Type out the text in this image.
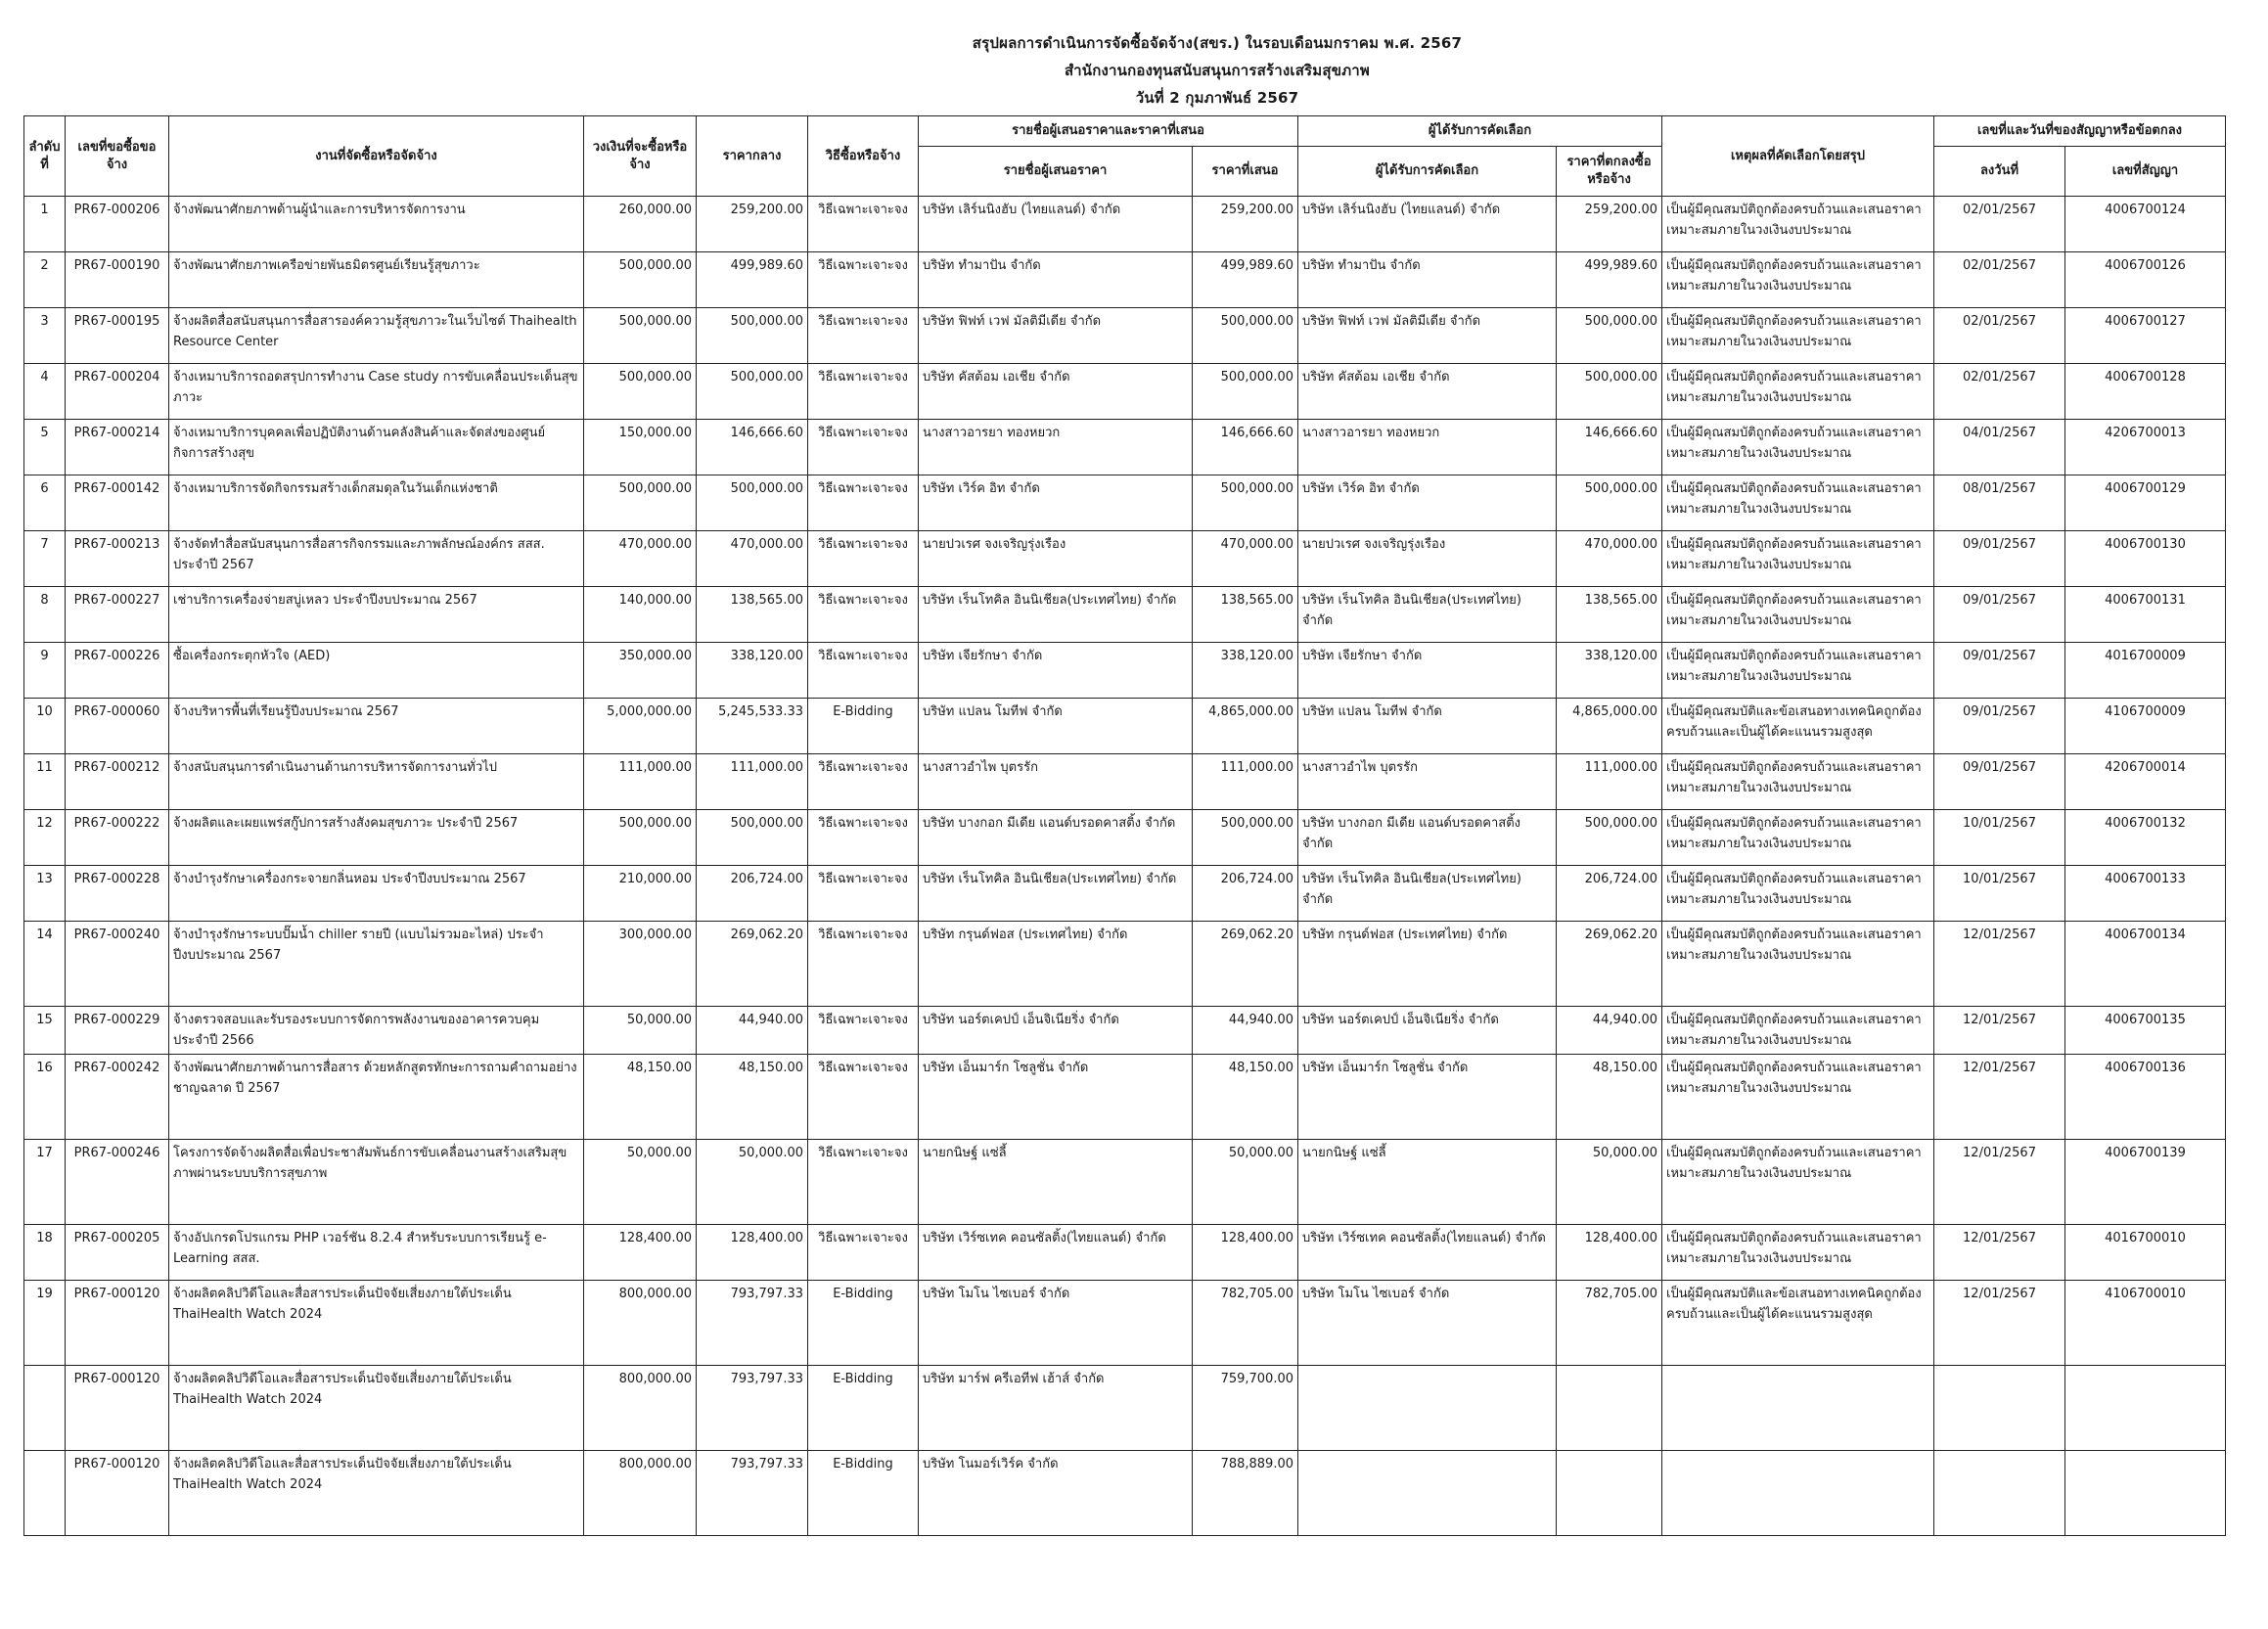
สรุปผลการดำเนินการจัดซื้อจัดจ้าง(สขร.) ในรอบเดือนมกราคม พ.ศ. 2567
สำนักงานกองทุนสนับสนุนการสร้างเสริมสุขภาพ
วันที่ 2 กุมภาพันธ์ 2567
ลำดับที่	เลขที่ขอซื้อขอจ้าง	งานที่จัดซื้อหรือจัดจ้าง	วงเงินที่จะซื้อหรือจ้าง	ราคากลาง	วิธีซื้อหรือจ้าง	รายชื่อผู้เสนอราคาและราคาที่เสนอ		ผู้ได้รับการคัดเลือก		เหตุผลที่คัดเลือกโดยสรุป	เลขที่และวันที่ของสัญญาหรือข้อตกลง	
						รายชื่อผู้เสนอราคา	ราคาที่เสนอ	ผู้ได้รับการคัดเลือก	ราคาที่ตกลงซื้อหรือจ้าง		ลงวันที่	เลขที่สัญญา
1	PR67-000206	จ้างพัฒนาศักยภาพด้านผู้นำและการบริหารจัดการงาน	260,000.00	259,200.00	วิธีเฉพาะเจาะจง	บริษัท เลิร์นนิงฮับ (ไทยแลนด์) จำกัด	259,200.00	บริษัท เลิร์นนิงฮับ (ไทยแลนด์) จำกัด	259,200.00	เป็นผู้มีคุณสมบัติถูกต้องครบถ้วนและเสนอราคาเหมาะสมภายในวงเงินงบประมาณ	02/01/2567	4006700124
2	PR67-000190	จ้างพัฒนาศักยภาพเครือข่ายพันธมิตรศูนย์เรียนรู้สุขภาวะ	500,000.00	499,989.60	วิธีเฉพาะเจาะจง	บริษัท ทำมาปัน จำกัด	499,989.60	บริษัท ทำมาปัน จำกัด	499,989.60	เป็นผู้มีคุณสมบัติถูกต้องครบถ้วนและเสนอราคาเหมาะสมภายในวงเงินงบประมาณ	02/01/2567	4006700126
3	PR67-000195	จ้างผลิตสื่อสนับสนุนการสื่อสารองค์ความรู้สุขภาวะในเว็บไซต์ Thaihealth Resource Center	500,000.00	500,000.00	วิธีเฉพาะเจาะจง	บริษัท ฟิฟท์ เวฟ มัลติมีเดีย จำกัด	500,000.00	บริษัท ฟิฟท์ เวฟ มัลติมีเดีย จำกัด	500,000.00	เป็นผู้มีคุณสมบัติถูกต้องครบถ้วนและเสนอราคาเหมาะสมภายในวงเงินงบประมาณ	02/01/2567	4006700127
4	PR67-000204	จ้างเหมาบริการถอดสรุปการทำงาน Case study การขับเคลื่อนประเด็นสุขภาวะ	500,000.00	500,000.00	วิธีเฉพาะเจาะจง	บริษัท คัสต้อม เอเชีย จำกัด	500,000.00	บริษัท คัสต้อม เอเชีย จำกัด	500,000.00	เป็นผู้มีคุณสมบัติถูกต้องครบถ้วนและเสนอราคาเหมาะสมภายในวงเงินงบประมาณ	02/01/2567	4006700128
5	PR67-000214	จ้างเหมาบริการบุคคลเพื่อปฏิบัติงานด้านคลังสินค้าและจัดส่งของศูนย์กิจการสร้างสุข	150,000.00	146,666.60	วิธีเฉพาะเจาะจง	นางสาวอารยา ทองหยวก	146,666.60	นางสาวอารยา ทองหยวก	146,666.60	เป็นผู้มีคุณสมบัติถูกต้องครบถ้วนและเสนอราคาเหมาะสมภายในวงเงินงบประมาณ	04/01/2567	4206700013
6	PR67-000142	จ้างเหมาบริการจัดกิจกรรมสร้างเด็กสมดุลในวันเด็กแห่งชาติ	500,000.00	500,000.00	วิธีเฉพาะเจาะจง	บริษัท เวิร์ค อิท จำกัด	500,000.00	บริษัท เวิร์ค อิท จำกัด	500,000.00	เป็นผู้มีคุณสมบัติถูกต้องครบถ้วนและเสนอราคาเหมาะสมภายในวงเงินงบประมาณ	08/01/2567	4006700129
7	PR67-000213	จ้างจัดทำสื่อสนับสนุนการสื่อสารกิจกรรมและภาพลักษณ์องค์กร สสส. ประจำปี 2567	470,000.00	470,000.00	วิธีเฉพาะเจาะจง	นายปวเรศ จงเจริญรุ่งเรือง	470,000.00	นายปวเรศ จงเจริญรุ่งเรือง	470,000.00	เป็นผู้มีคุณสมบัติถูกต้องครบถ้วนและเสนอราคาเหมาะสมภายในวงเงินงบประมาณ	09/01/2567	4006700130
8	PR67-000227	เช่าบริการเครื่องจ่ายสบู่เหลว ประจำปีงบประมาณ 2567	140,000.00	138,565.00	วิธีเฉพาะเจาะจง	บริษัท เร็นโทคิล อินนิเชียล(ประเทศไทย) จำกัด	138,565.00	บริษัท เร็นโทคิล อินนิเชียล(ประเทศไทย) จำกัด	138,565.00	เป็นผู้มีคุณสมบัติถูกต้องครบถ้วนและเสนอราคาเหมาะสมภายในวงเงินงบประมาณ	09/01/2567	4006700131
9	PR67-000226	ซื้อเครื่องกระตุกหัวใจ (AED)	350,000.00	338,120.00	วิธีเฉพาะเจาะจง	บริษัท เจียรักษา จำกัด	338,120.00	บริษัท เจียรักษา จำกัด	338,120.00	เป็นผู้มีคุณสมบัติถูกต้องครบถ้วนและเสนอราคาเหมาะสมภายในวงเงินงบประมาณ	09/01/2567	4016700009
10	PR67-000060	จ้างบริหารพื้นที่เรียนรู้ปีงบประมาณ 2567	5,000,000.00	5,245,533.33	E-Bidding	บริษัท แปลน โมทีฟ จำกัด	4,865,000.00	บริษัท แปลน โมทีฟ จำกัด	4,865,000.00	เป็นผู้มีคุณสมบัติและข้อเสนอทางเทคนิคถูกต้องครบถ้วนและเป็นผู้ได้คะแนนรวมสูงสุด	09/01/2567	4106700009
11	PR67-000212	จ้างสนับสนุนการดำเนินงานด้านการบริหารจัดการงานทั่วไป	111,000.00	111,000.00	วิธีเฉพาะเจาะจง	นางสาวอำไพ บุตรรัก	111,000.00	นางสาวอำไพ บุตรรัก	111,000.00	เป็นผู้มีคุณสมบัติถูกต้องครบถ้วนและเสนอราคาเหมาะสมภายในวงเงินงบประมาณ	09/01/2567	4206700014
12	PR67-000222	จ้างผลิตและเผยแพร่สกู๊ปการสร้างสังคมสุขภาวะ ประจำปี 2567	500,000.00	500,000.00	วิธีเฉพาะเจาะจง	บริษัท บางกอก มีเดีย แอนด์บรอดคาสติ้ง จำกัด	500,000.00	บริษัท บางกอก มีเดีย แอนด์บรอดคาสติ้ง จำกัด	500,000.00	เป็นผู้มีคุณสมบัติถูกต้องครบถ้วนและเสนอราคาเหมาะสมภายในวงเงินงบประมาณ	10/01/2567	4006700132
13	PR67-000228	จ้างบำรุงรักษาเครื่องกระจายกลิ่นหอม ประจำปีงบประมาณ 2567	210,000.00	206,724.00	วิธีเฉพาะเจาะจง	บริษัท เร็นโทคิล อินนิเชียล(ประเทศไทย) จำกัด	206,724.00	บริษัท เร็นโทคิล อินนิเชียล(ประเทศไทย) จำกัด	206,724.00	เป็นผู้มีคุณสมบัติถูกต้องครบถ้วนและเสนอราคาเหมาะสมภายในวงเงินงบประมาณ	10/01/2567	4006700133
14	PR67-000240	จ้างบำรุงรักษาระบบปั๊มน้ำ chiller รายปี (แบบไม่รวมอะไหล่) ประจำปีงบประมาณ 2567	300,000.00	269,062.20	วิธีเฉพาะเจาะจง	บริษัท กรุนด์ฟอส (ประเทศไทย) จำกัด	269,062.20	บริษัท กรุนด์ฟอส (ประเทศไทย) จำกัด	269,062.20	เป็นผู้มีคุณสมบัติถูกต้องครบถ้วนและเสนอราคาเหมาะสมภายในวงเงินงบประมาณ	12/01/2567	4006700134
15	PR67-000229	จ้างตรวจสอบและรับรองระบบการจัดการพลังงานของอาคารควบคุม ประจำปี 2566	50,000.00	44,940.00	วิธีเฉพาะเจาะจง	บริษัท นอร์ตเคปป์ เอ็นจิเนียริ่ง จำกัด	44,940.00	บริษัท นอร์ตเคปป์ เอ็นจิเนียริ่ง จำกัด	44,940.00	เป็นผู้มีคุณสมบัติถูกต้องครบถ้วนและเสนอราคาเหมาะสมภายในวงเงินงบประมาณ	12/01/2567	4006700135
16	PR67-000242	จ้างพัฒนาศักยภาพด้านการสื่อสาร ด้วยหลักสูตรทักษะการถามคำถามอย่างชาญฉลาด ปี 2567	48,150.00	48,150.00	วิธีเฉพาะเจาะจง	บริษัท เอ็นมาร์ก โซลูชั่น จำกัด	48,150.00	บริษัท เอ็นมาร์ก โซลูชั่น จำกัด	48,150.00	เป็นผู้มีคุณสมบัติถูกต้องครบถ้วนและเสนอราคาเหมาะสมภายในวงเงินงบประมาณ	12/01/2567	4006700136
17	PR67-000246	โครงการจัดจ้างผลิตสื่อเพื่อประชาสัมพันธ์การขับเคลื่อนงานสร้างเสริมสุขภาพผ่านระบบบริการสุขภาพ	50,000.00	50,000.00	วิธีเฉพาะเจาะจง	นายกนิษฐ์ แซ่ลี้	50,000.00	นายกนิษฐ์ แซ่ลี้	50,000.00	เป็นผู้มีคุณสมบัติถูกต้องครบถ้วนและเสนอราคาเหมาะสมภายในวงเงินงบประมาณ	12/01/2567	4006700139
18	PR67-000205	จ้างอัปเกรดโปรแกรม PHP เวอร์ชัน 8.2.4 สำหรับระบบการเรียนรู้ e-Learning สสส.	128,400.00	128,400.00	วิธีเฉพาะเจาะจง	บริษัท เวิร์ซเทค คอนซัลติ้ง(ไทยแลนด์) จำกัด	128,400.00	บริษัท เวิร์ซเทค คอนซัลติ้ง(ไทยแลนด์) จำกัด	128,400.00	เป็นผู้มีคุณสมบัติถูกต้องครบถ้วนและเสนอราคาเหมาะสมภายในวงเงินงบประมาณ	12/01/2567	4016700010
19	PR67-000120	จ้างผลิตคลิปวิดีโอและสื่อสารประเด็นปัจจัยเสี่ยงภายใต้ประเด็น ThaiHealth Watch 2024	800,000.00	793,797.33	E-Bidding	บริษัท โมโน ไซเบอร์ จำกัด	782,705.00	บริษัท โมโน ไซเบอร์ จำกัด	782,705.00	เป็นผู้มีคุณสมบัติและข้อเสนอทางเทคนิคถูกต้องครบถ้วนและเป็นผู้ได้คะแนนรวมสูงสุด	12/01/2567	4106700010
	PR67-000120	จ้างผลิตคลิปวิดีโอและสื่อสารประเด็นปัจจัยเสี่ยงภายใต้ประเด็น ThaiHealth Watch 2024	800,000.00	793,797.33	E-Bidding	บริษัท มาร์ฟ ครีเอทีฟ เฮ้าส์ จำกัด	759,700.00					
	PR67-000120	จ้างผลิตคลิปวิดีโอและสื่อสารประเด็นปัจจัยเสี่ยงภายใต้ประเด็น ThaiHealth Watch 2024	800,000.00	793,797.33	E-Bidding	บริษัท โนมอร์เวิร์ค จำกัด	788,889.00					
